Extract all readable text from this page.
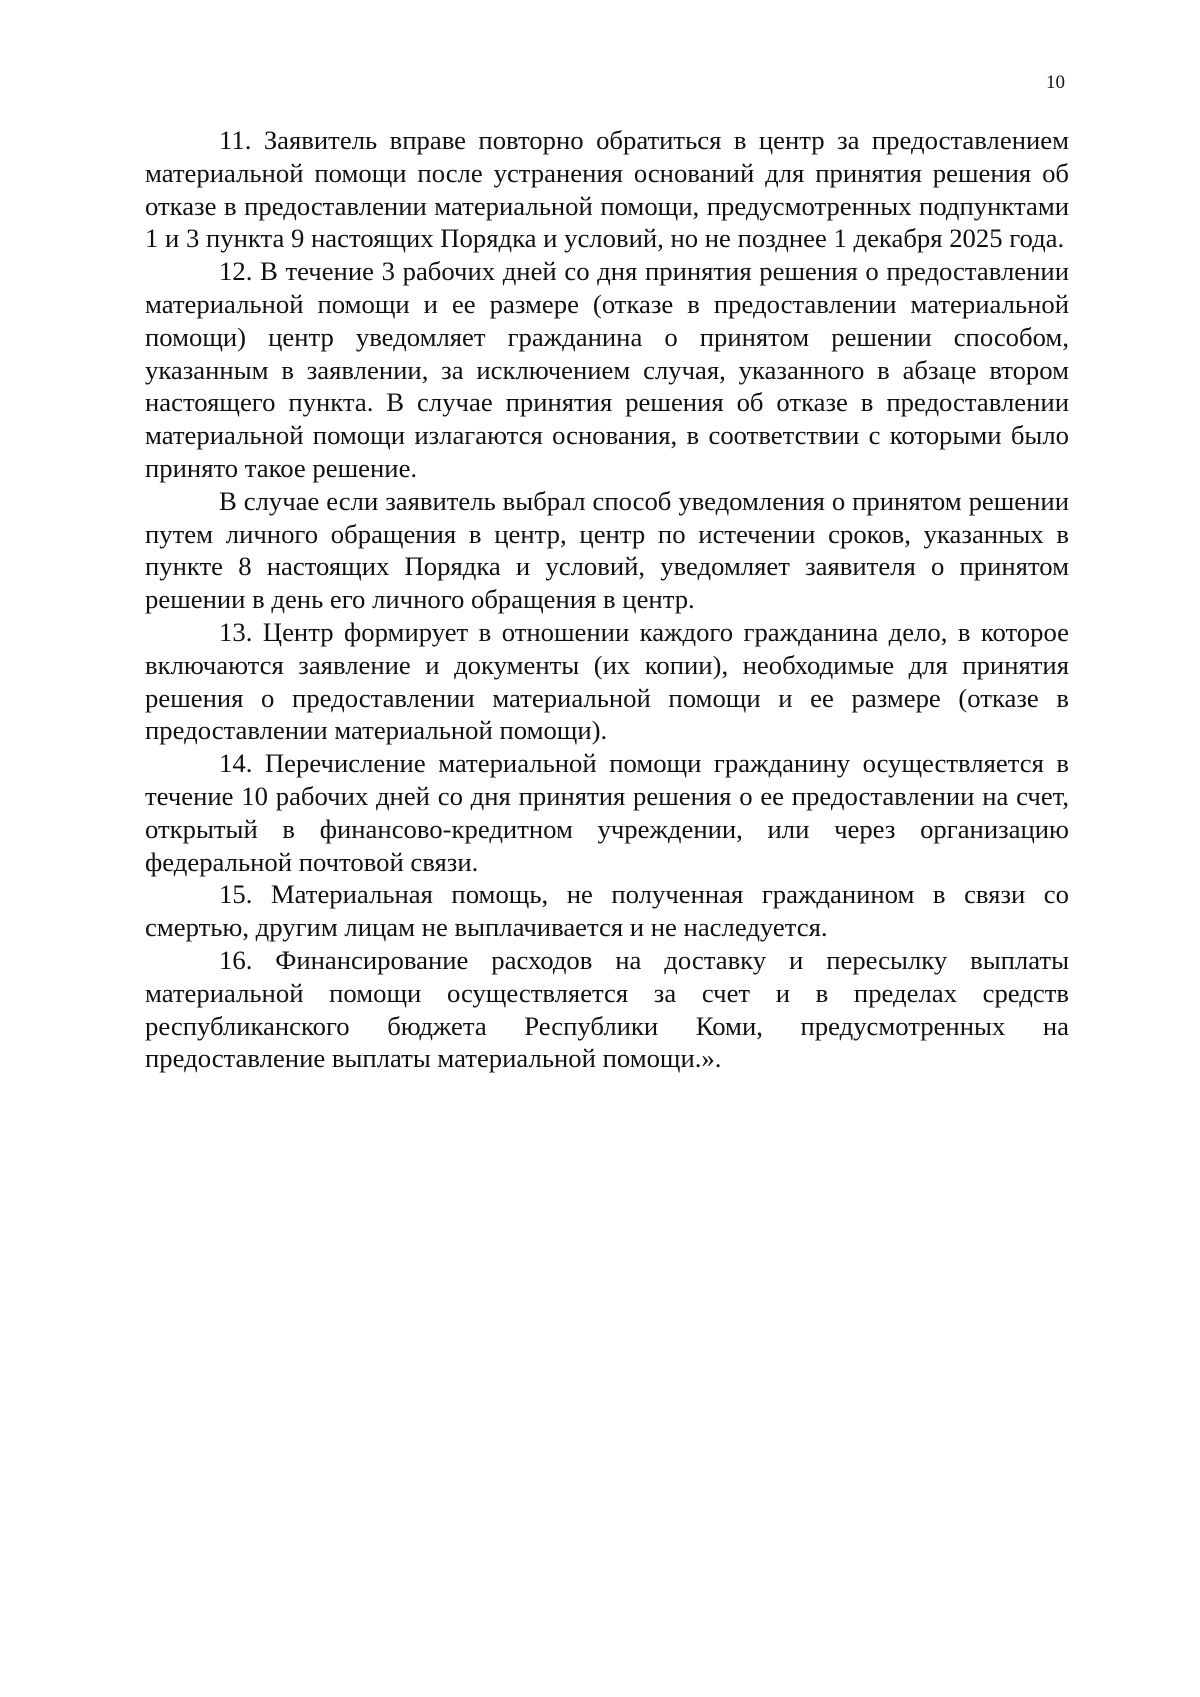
10

11. Заявитель вправе повторно обратиться в центр за предоставлением материальной помощи после устранения оснований для принятия решения об отказе в предоставлении материальной помощи, предусмотренных подпунктами 1 и 3 пункта 9 настоящих Порядка и условий, но не позднее 1 декабря 2025 года.

12. В течение 3 рабочих дней со дня принятия решения о предоставлении материальной помощи и ее размере (отказе в предоставлении материальной помощи) центр уведомляет гражданина о принятом решении способом, указанным в заявлении, за исключением случая, указанного в абзаце втором настоящего пункта. В случае принятия решения об отказе в предоставлении материальной помощи излагаются основания, в соответствии с которыми было принято такое решение.

В случае если заявитель выбрал способ уведомления о принятом решении путем личного обращения в центр, центр по истечении сроков, указанных в пункте 8 настоящих Порядка и условий, уведомляет заявителя о принятом решении в день его личного обращения в центр.

13. Центр формирует в отношении каждого гражданина дело, в которое включаются заявление и документы (их копии), необходимые для принятия решения о предоставлении материальной помощи и ее размере (отказе в предоставлении материальной помощи).

14. Перечисление материальной помощи гражданину осуществляется в течение 10 рабочих дней со дня принятия решения о ее предоставлении на счет, открытый в финансово-кредитном учреждении, или через организацию федеральной почтовой связи.

15. Материальная помощь, не полученная гражданином в связи со смертью, другим лицам не выплачивается и не наследуется.

16. Финансирование расходов на доставку и пересылку выплаты материальной помощи осуществляется за счет и в пределах средств республиканского бюджета Республики Коми, предусмотренных на предоставление выплаты материальной помощи.».
